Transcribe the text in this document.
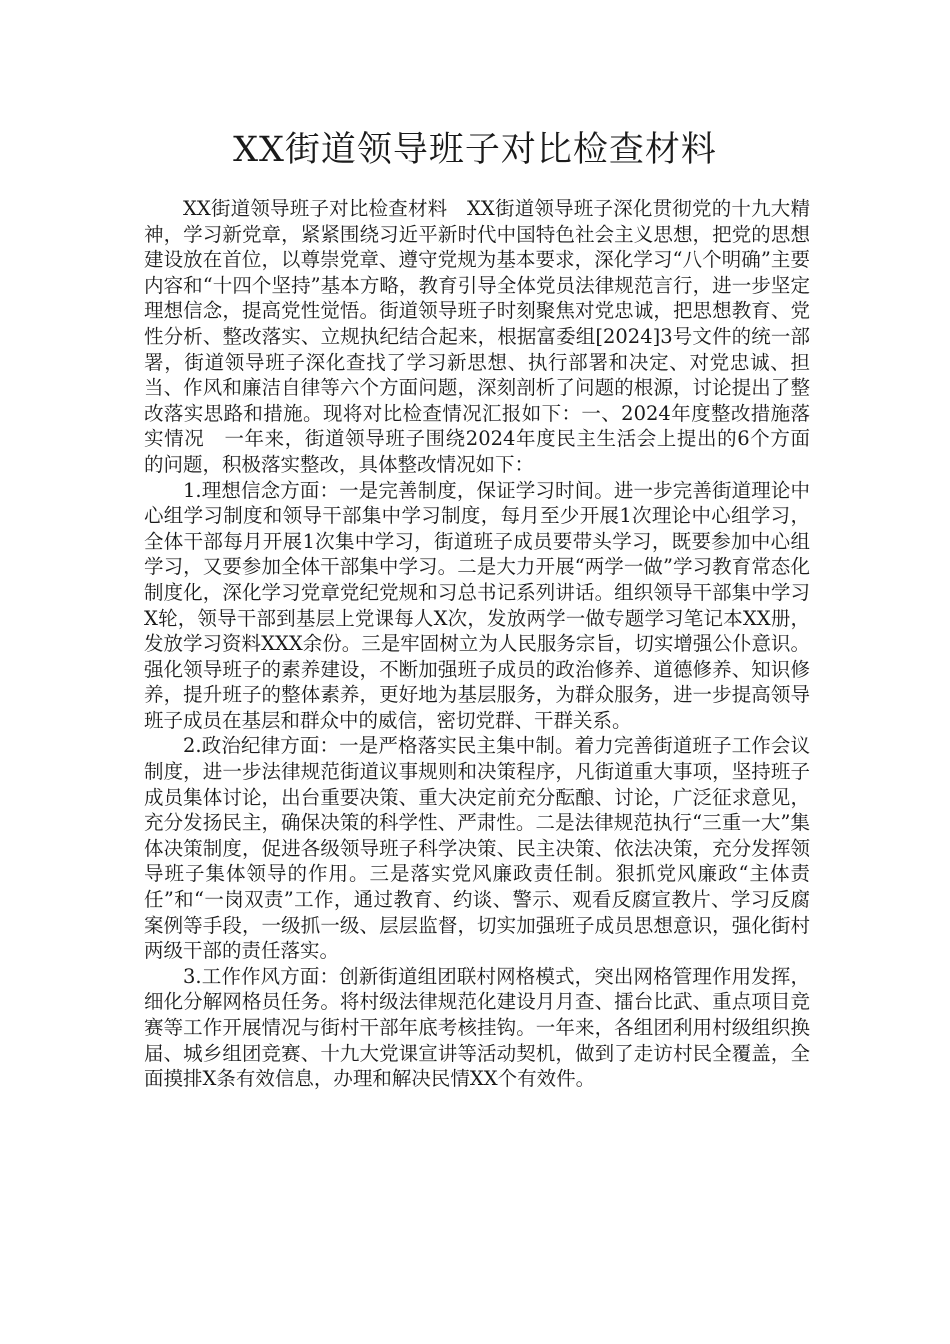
XX街道领导班子对比检查材料

XX街道领导班子对比检查材料　XX街道领导班子深化贯彻党的十九大精神，学习新党章，紧紧围绕习近平新时代中国特色社会主义思想，把党的思想建设放在首位，以尊崇党章、遵守党规为基本要求，深化学习“八个明确”主要内容和“十四个坚持”基本方略，教育引导全体党员法律规范言行，进一步坚定理想信念，提高党性觉悟。街道领导班子时刻聚焦对党忠诚，把思想教育、党性分析、整改落实、立规执纪结合起来，根据富委组[2024]3号文件的统一部署，街道领导班子深化查找了学习新思想、执行部署和决定、对党忠诚、担当、作风和廉洁自律等六个方面问题，深刻剖析了问题的根源，讨论提出了整改落实思路和措施。现将对比检查情况汇报如下：一、2024年度整改措施落实情况　一年来，街道领导班子围绕2024年度民主生活会上提出的6个方面的问题，积极落实整改，具体整改情况如下：

1.理想信念方面：一是完善制度，保证学习时间。进一步完善街道理论中心组学习制度和领导干部集中学习制度，每月至少开展1次理论中心组学习，全体干部每月开展1次集中学习，街道班子成员要带头学习，既要参加中心组学习，又要参加全体干部集中学习。二是大力开展“两学一做”学习教育常态化制度化，深化学习党章党纪党规和习总书记系列讲话。组织领导干部集中学习X轮，领导干部到基层上党课每人X次，发放两学一做专题学习笔记本XX册，发放学习资料XXX余份。三是牢固树立为人民服务宗旨，切实增强公仆意识。强化领导班子的素养建设，不断加强班子成员的政治修养、道德修养、知识修养，提升班子的整体素养，更好地为基层服务，为群众服务，进一步提高领导班子成员在基层和群众中的威信，密切党群、干群关系。

2.政治纪律方面：一是严格落实民主集中制。着力完善街道班子工作会议制度，进一步法律规范街道议事规则和决策程序，凡街道重大事项，坚持班子成员集体讨论，出台重要决策、重大决定前充分酝酿、讨论，广泛征求意见，充分发扬民主，确保决策的科学性、严肃性。二是法律规范执行“三重一大”集体决策制度，促进各级领导班子科学决策、民主决策、依法决策，充分发挥领导班子集体领导的作用。三是落实党风廉政责任制。狠抓党风廉政“主体责任”和“一岗双责”工作，通过教育、约谈、警示、观看反腐宣教片、学习反腐案例等手段，一级抓一级、层层监督，切实加强班子成员思想意识，强化街村两级干部的责任落实。

3.工作作风方面：创新街道组团联村网格模式，突出网格管理作用发挥，细化分解网格员任务。将村级法律规范化建设月月查、擂台比武、重点项目竞赛等工作开展情况与街村干部年底考核挂钩。一年来，各组团利用村级组织换届、城乡组团竞赛、十九大党课宣讲等活动契机，做到了走访村民全覆盖，全面摸排X条有效信息，办理和解决民情XX个有效件。
